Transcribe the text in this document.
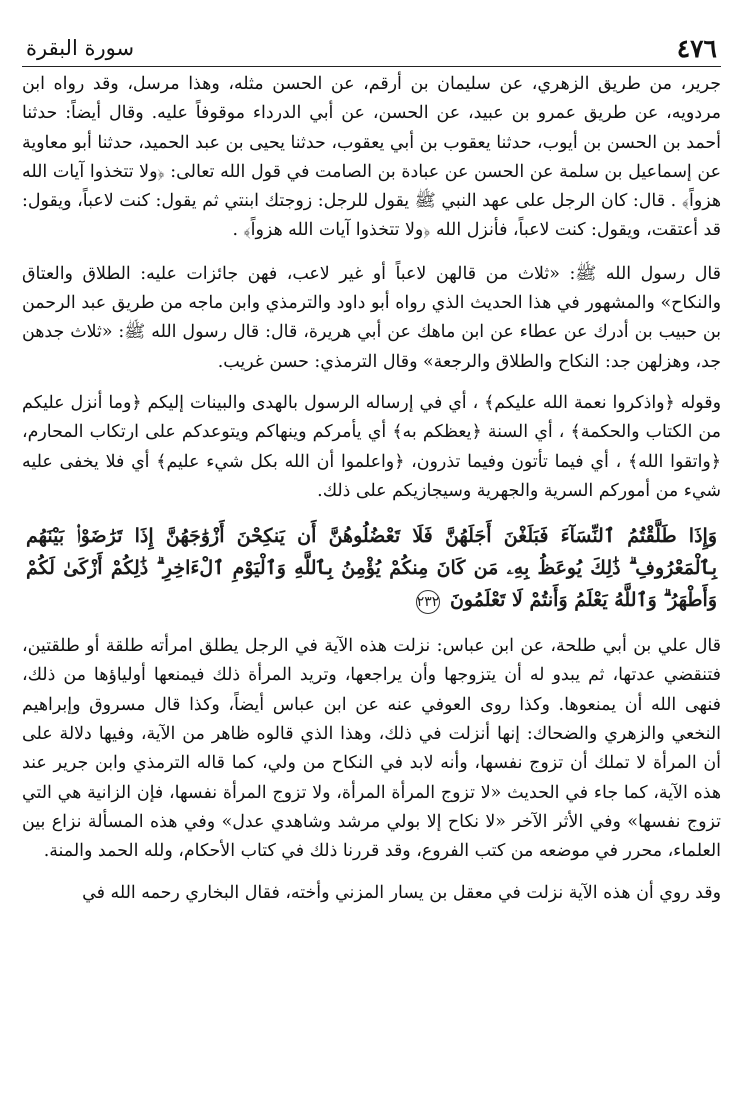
٤٧٦
سورة البقرة

جرير، من طريق الزهري، عن سليمان بن أرقم، عن الحسن مثله، وهذا مرسل، وقد رواه ابن مردويه، عن طريق عمرو بن عبيد، عن الحسن، عن أبي الدرداء موقوفاً عليه. وقال أيضاً: حدثنا أحمد بن الحسن بن أيوب، حدثنا يعقوب بن أبي يعقوب، حدثنا يحيى بن عبد الحميد، حدثنا أبو معاوية عن إسماعيل بن سلمة عن الحسن عن عبادة بن الصامت في قول الله تعالى: ﴿ولا تتخذوا آيات الله هزواً﴾ . قال: كان الرجل على عهد النبي ﷺ يقول للرجل: زوجتك ابنتي ثم يقول: كنت لاعباً، ويقول: قد أعتقت، ويقول: كنت لاعباً، فأنزل الله ﴿ولا تتخذوا آيات الله هزواً﴾ .

قال رسول الله ﷺ: «ثلاث من قالهن لاعباً أو غير لاعب، فهن جائزات عليه: الطلاق والعتاق والنكاح» والمشهور في هذا الحديث الذي رواه أبو داود والترمذي وابن ماجه من طريق عبد الرحمن بن حبيب بن أدرك عن عطاء عن ابن ماهك عن أبي هريرة، قال: قال رسول الله ﷺ: «ثلاث جدهن جد، وهزلهن جد: النكاح والطلاق والرجعة» وقال الترمذي: حسن غريب.

وقوله ﴿واذكروا نعمة الله عليكم﴾ ، أي في إرساله الرسول بالهدى والبينات إليكم ﴿وما أنزل عليكم من الكتاب والحكمة﴾ ، أي السنة ﴿يعظكم به﴾ أي يأمركم وينهاكم ويتوعدكم على ارتكاب المحارم، ﴿واتقوا الله﴾ ، أي فيما تأتون وفيما تذرون، ﴿واعلموا أن الله بكل شيء عليم﴾ أي فلا يخفى عليه شيء من أموركم السرية والجهرية وسيجازيكم على ذلك.

وَإِذَا طَلَّقْتُمُ ٱلنِّسَآءَ فَبَلَغْنَ أَجَلَهُنَّ فَلَا تَعْضُلُوهُنَّ أَن يَنكِحْنَ أَزْوَٰجَهُنَّ إِذَا تَرَٰضَوْا۟ بَيْنَهُم بِٱلْمَعْرُوفِ ۗ ذَٰلِكَ يُوعَظُ بِهِۦ مَن كَانَ مِنكُمْ يُؤْمِنُ بِٱللَّهِ وَٱلْيَوْمِ ٱلْءَاخِرِ ۗ ذَٰلِكُمْ أَزْكَىٰ لَكُمْ وَأَطْهَرُ ۗ وَٱللَّهُ يَعْلَمُ وَأَنتُمْ لَا تَعْلَمُونَ ٢٣٢

قال علي بن أبي طلحة، عن ابن عباس: نزلت هذه الآية في الرجل يطلق امرأته طلقة أو طلقتين، فتنقضي عدتها، ثم يبدو له أن يتزوجها وأن يراجعها، وتريد المرأة ذلك فيمنعها أولياؤها من ذلك، فنهى الله أن يمنعوها. وكذا روى العوفي عنه عن ابن عباس أيضاً، وكذا قال مسروق وإبراهيم النخعي والزهري والضحاك: إنها أنزلت في ذلك، وهذا الذي قالوه ظاهر من الآية، وفيها دلالة على أن المرأة لا تملك أن تزوج نفسها، وأنه لابد في النكاح من ولي، كما قاله الترمذي وابن جرير عند هذه الآية، كما جاء في الحديث «لا تزوج المرأة المرأة، ولا تزوج المرأة نفسها، فإن الزانية هي التي تزوج نفسها» وفي الأثر الآخر «لا نكاح إلا بولي مرشد وشاهدي عدل» وفي هذه المسألة نزاع بين العلماء، محرر في موضعه من كتب الفروع، وقد قررنا ذلك في كتاب الأحكام، ولله الحمد والمنة.

وقد روي أن هذه الآية نزلت في معقل بن يسار المزني وأخته، فقال البخاري رحمه الله في
